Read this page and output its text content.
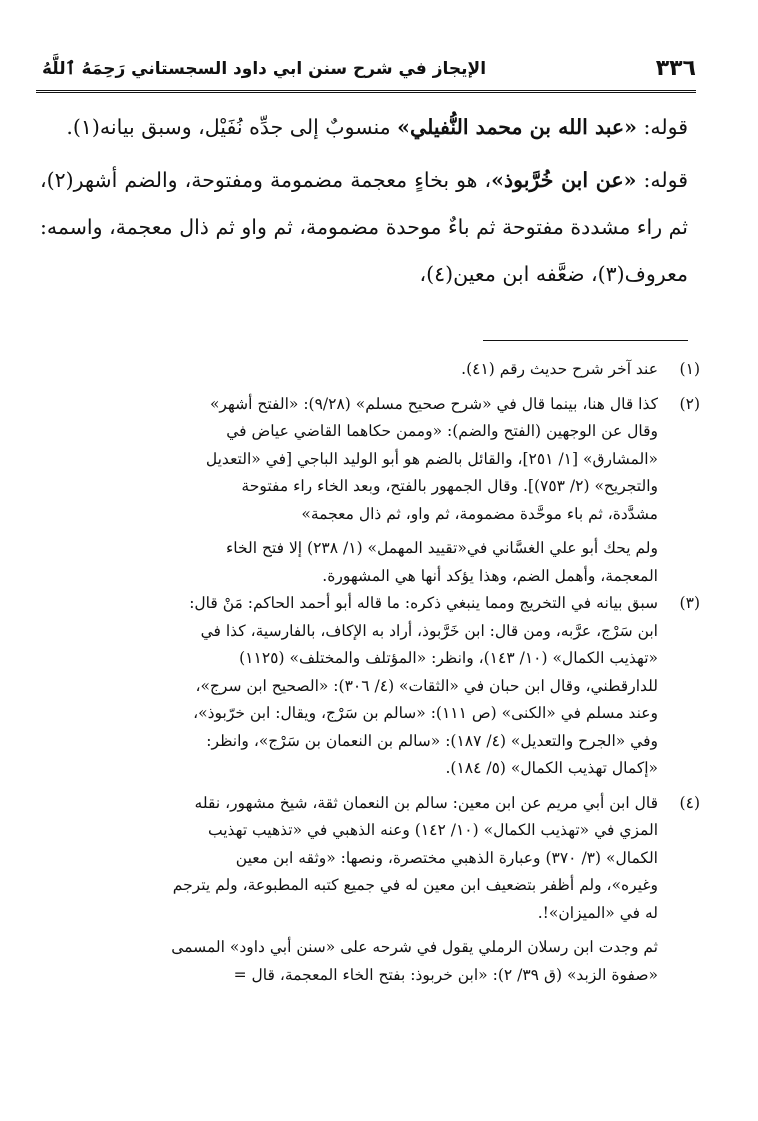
٣٣٦
الإيجاز في شرح سنن ابي داود السجستاني رَحِمَهُ ٱللَّهُ

قوله: «عبد الله بن محمد النُّفيلي» منسوبٌ إلى جدِّه نُفَيْل، وسبق بيانه(١).

قوله: «عن ابن خُرَّبوذ»، هو بخاءٍ معجمة مضمومة ومفتوحة، والضم أشهر(٢)، ثم راء مشددة مفتوحة ثم باءٌ موحدة مضمومة، ثم واو ثم ذال معجمة، واسمه: معروف(٣)، ضعَّفه ابن معين(٤)،

(١)
عند آخر شرح حديث رقم (٤١).
(٢)
كذا قال هنا، بينما قال في «شرح صحيح مسلم» (٩/٢٨): «الفتح أشهر»
وقال عن الوجهين (الفتح والضم): «وممن حكاهما القاضي عياض في
«المشارق» [١/ ٢٥١]، والقائل بالضم هو أبو الوليد الباجي [في «التعديل
والتجريح» (٢/ ٧٥٣)]. وقال الجمهور بالفتح، وبعد الخاء راء مفتوحة
مشدَّدة، ثم باء موحَّدة مضمومة، ثم واو، ثم ذال معجمة»
ولم يحك أبو علي الغسَّاني في«تقييد المهمل» (١/ ٢٣٨) إلا فتح الخاء
المعجمة، وأهمل الضم، وهذا يؤكد أنها هي المشهورة.
(٣)
سبق بيانه في التخريج ومما ينبغي ذكره: ما قاله أبو أحمد الحاكم: مَنْ قال:
ابن سَرْج، عرَّبه، ومن قال: ابن خَرَّبوذ، أراد به الإكاف، بالفارسية، كذا في
«تهذيب الكمال» (١٠/ ١٤٣)، وانظر: «المؤتلف والمختلف» (١١٢٥)
للدارقطني، وقال ابن حبان في «الثقات» (٤/ ٣٠٦): «الصحيح ابن سرج»،
وعند مسلم في «الكنى» (ص ١١١): «سالم بن سَرْج، ويقال: ابن خرّبوذ»،
وفي «الجرح والتعديل» (٤/ ١٨٧): «سالم بن النعمان بن سَرْج»، وانظر:
«إكمال تهذيب الكمال» (٥/ ١٨٤).
(٤)
قال ابن أبي مريم عن ابن معين: سالم بن النعمان ثقة، شيخ مشهور، نقله
المزي في «تهذيب الكمال» (١٠/ ١٤٢) وعنه الذهبي في «تذهيب تهذيب
الكمال» (٣/ ٣٧٠) وعبارة الذهبي مختصرة، ونصها: «وثقه ابن معين
وغيره»، ولم أظفر بتضعيف ابن معين له في جميع كتبه المطبوعة، ولم يترجم
له في «الميزان»!.
ثم وجدت ابن رسلان الرملي يقول في شرحه على «سنن أبي داود» المسمى
«صفوة الزبد» (ق ٣٩/ ٢): «ابن خربوذ: بفتح الخاء المعجمة، قال =
